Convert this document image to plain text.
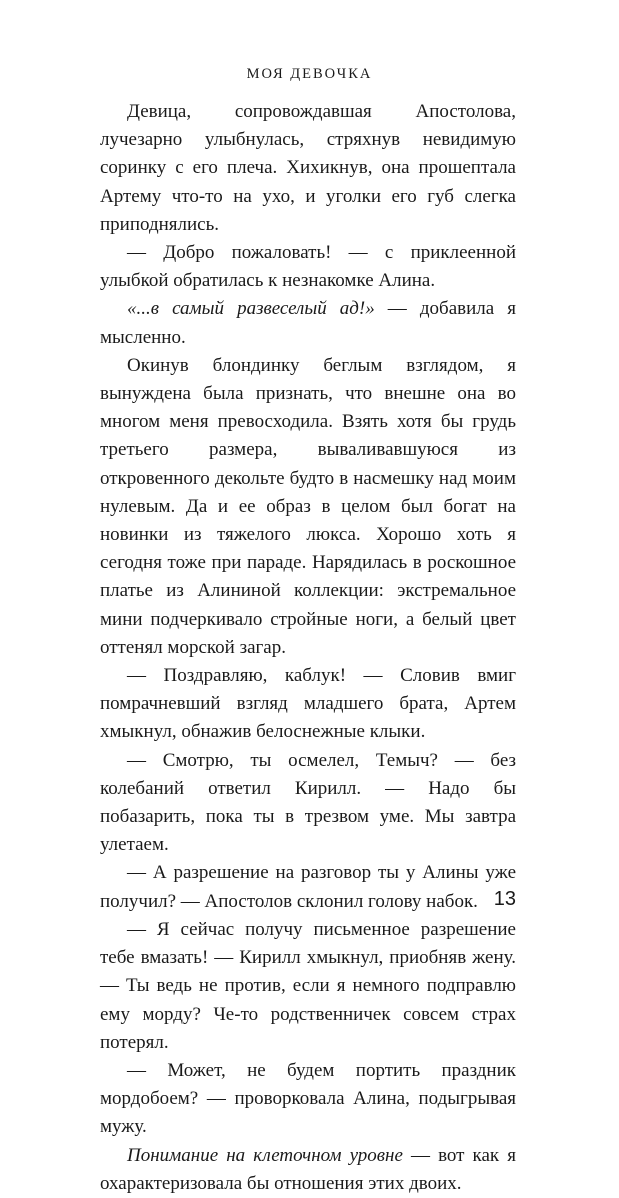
МОЯ ДЕВОЧКА

Девица, сопровождавшая Апостолова, лучезарно улыбнулась, стряхнув невидимую соринку с его плеча. Хихикнув, она прошептала Артему что-то на ухо, и уголки его губ слегка приподнялись.

— Добро пожаловать! — с приклеенной улыбкой обратилась к незнакомке Алина.

«...в самый развеселый ад!» — добавила я мысленно.

Окинув блондинку беглым взглядом, я вынуждена была признать, что внешне она во многом меня превосходила. Взять хотя бы грудь третьего размера, вываливавшуюся из откровенного декольте будто в насмешку над моим нулевым. Да и ее образ в целом был богат на новинки из тяжелого люкса. Хорошо хоть я сегодня тоже при параде. Нарядилась в роскошное платье из Алининой коллекции: экстремальное мини подчеркивало стройные ноги, а белый цвет оттенял морской загар.

— Поздравляю, каблук! — Словив вмиг помрачневший взгляд младшего брата, Артем хмыкнул, обнажив белоснежные клыки.

— Смотрю, ты осмелел, Темыч? — без колебаний ответил Кирилл. — Надо бы побазарить, пока ты в трезвом уме. Мы завтра улетаем.

— А разрешение на разговор ты у Алины уже получил? — Апостолов склонил голову набок.

— Я сейчас получу письменное разрешение тебе вмазать! — Кирилл хмыкнул, приобняв жену. — Ты ведь не против, если я немного подправлю ему морду? Че-то родственничек совсем страх потерял.

— Может, не будем портить праздник мордобоем? — проворковала Алина, подыгрывая мужу.

Понимание на клеточном уровне — вот как я охарактеризовала бы отношения этих двоих.

13
